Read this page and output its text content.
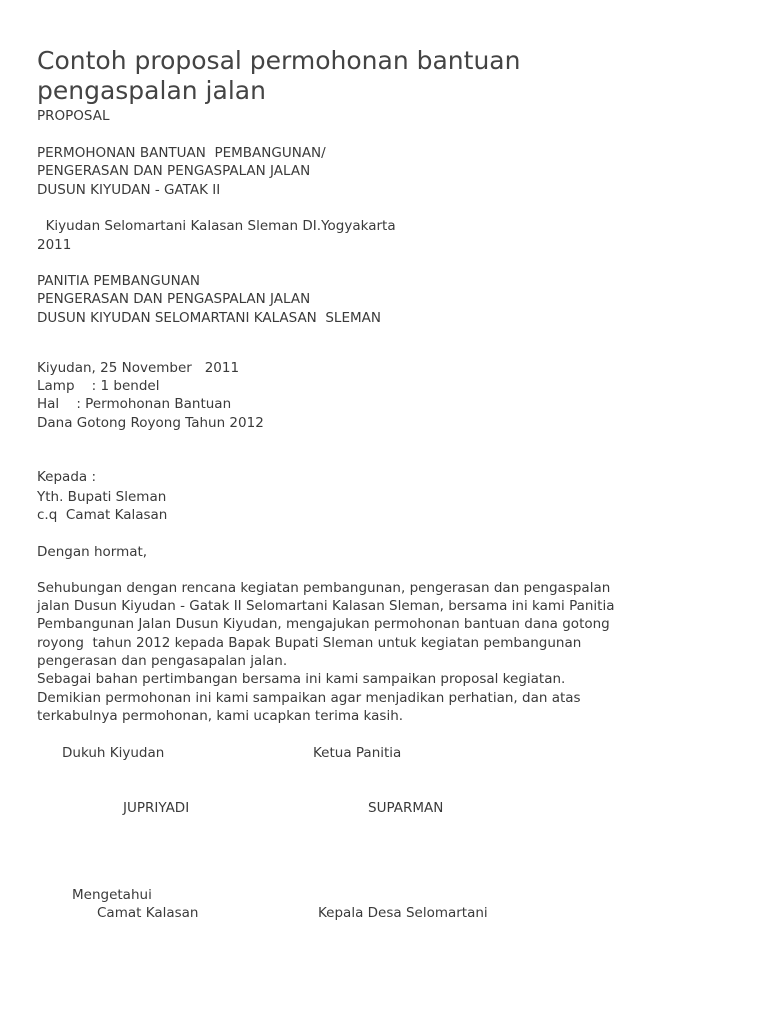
Contoh proposal permohonan bantuan
pengaspalan jalan
PROPOSAL
PERMOHONAN BANTUAN  PEMBANGUNAN/
PENGERASAN DAN PENGASPALAN JALAN
DUSUN KIYUDAN - GATAK II
Kiyudan Selomartani Kalasan Sleman DI.Yogyakarta
2011
PANITIA PEMBANGUNAN
PENGERASAN DAN PENGASPALAN JALAN
DUSUN KIYUDAN SELOMARTANI KALASAN  SLEMAN
Kiyudan, 25 November   2011
Lamp    : 1 bendel
Hal    : Permohonan Bantuan
Dana Gotong Royong Tahun 2012
Kepada :
Yth. Bupati Sleman
c.q  Camat Kalasan
Dengan hormat,
Sehubungan dengan rencana kegiatan pembangunan, pengerasan dan pengaspalan
jalan Dusun Kiyudan - Gatak II Selomartani Kalasan Sleman, bersama ini kami Panitia
Pembangunan Jalan Dusun Kiyudan, mengajukan permohonan bantuan dana gotong
royong  tahun 2012 kepada Bapak Bupati Sleman untuk kegiatan pembangunan
pengerasan dan pengasapalan jalan.
Sebagai bahan pertimbangan bersama ini kami sampaikan proposal kegiatan.
Demikian permohonan ini kami sampaikan agar menjadikan perhatian, dan atas
terkabulnya permohonan, kami ucapkan terima kasih.
Dukuh Kiyudan	Ketua Panitia
JUPRIYADI	SUPARMAN
Mengetahui
Camat Kalasan	Kepala Desa Selomartani
